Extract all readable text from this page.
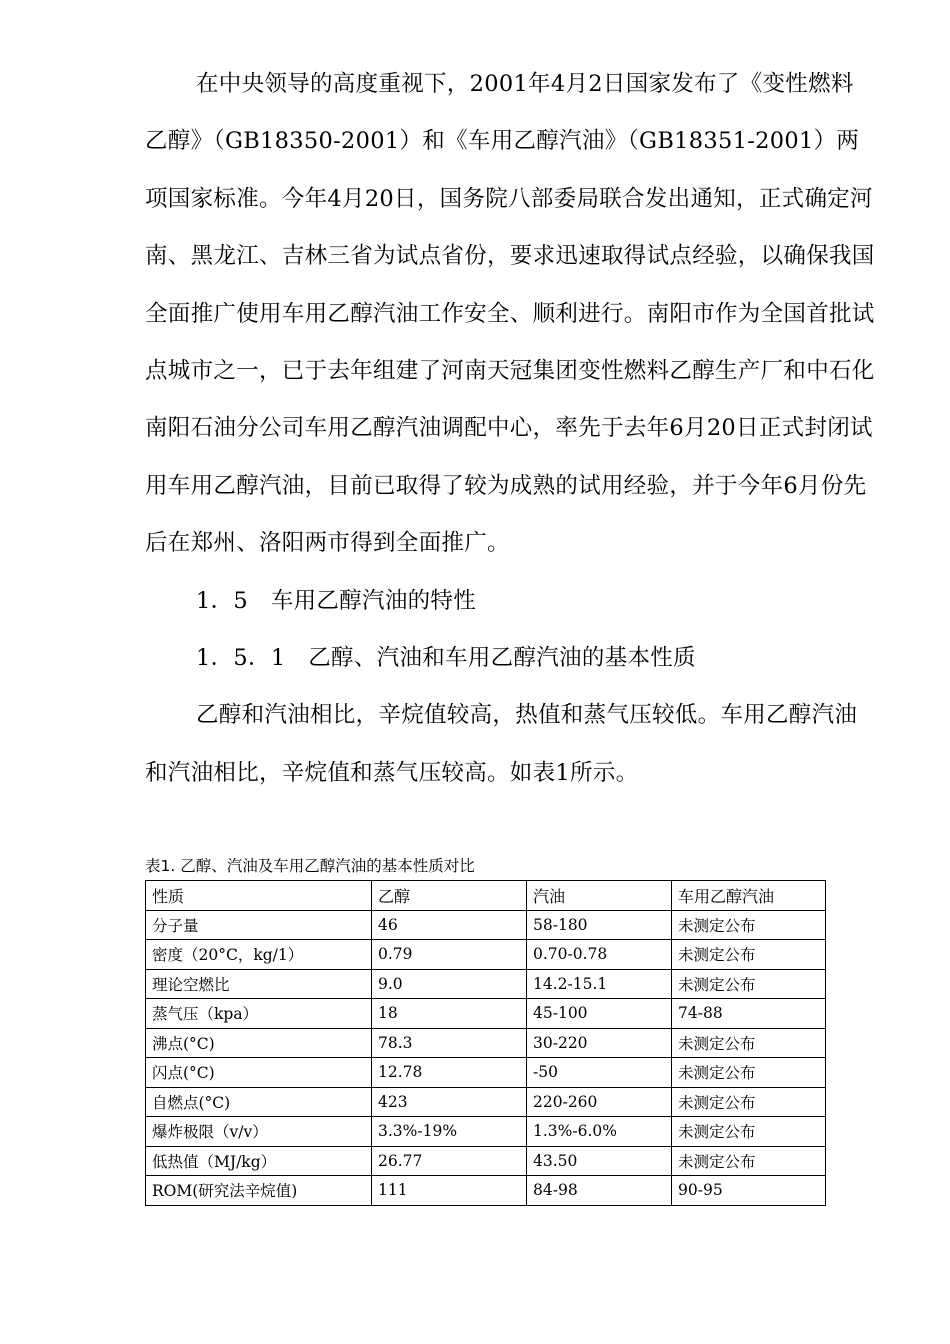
在中央领导的高度重视下，2001年4月2日国家发布了《变性燃料乙醇》（GB18350-2001）和《车用乙醇汽油》（GB18351-2001）两项国家标准。今年4月20日，国务院八部委局联合发出通知，正式确定河南、黑龙江、吉林三省为试点省份，要求迅速取得试点经验，以确保我国全面推广使用车用乙醇汽油工作安全、顺利进行。南阳市作为全国首批试点城市之一，已于去年组建了河南天冠集团变性燃料乙醇生产厂和中石化南阳石油分公司车用乙醇汽油调配中心，率先于去年6月20日正式封闭试用车用乙醇汽油，目前已取得了较为成熟的试用经验，并于今年6月份先后在郑州、洛阳两市得到全面推广。

1．5　车用乙醇汽油的特性

1．5．1　乙醇、汽油和车用乙醇汽油的基本性质

乙醇和汽油相比，辛烷值较高，热值和蒸气压较低。车用乙醇汽油和汽油相比，辛烷值和蒸气压较高。如表1所示。

表1. 乙醇、汽油及车用乙醇汽油的基本性质对比
性质	乙醇	汽油	车用乙醇汽油
分子量	46	58-180	未测定公布
密度（20°C，kg/1）	0.79	0.70-0.78	未测定公布
理论空燃比	9.0	14.2-15.1	未测定公布
蒸气压（kpa）	18	45-100	74-88
沸点(°C)	78.3	30-220	未测定公布
闪点(°C)	12.78	-50	未测定公布
自燃点(°C)	423	220-260	未测定公布
爆炸极限（v/v）	3.3%-19%	1.3%-6.0%	未测定公布
低热值（MJ/kg）	26.77	43.50	未测定公布
ROM(研究法辛烷值)	111	84-98	90-95
